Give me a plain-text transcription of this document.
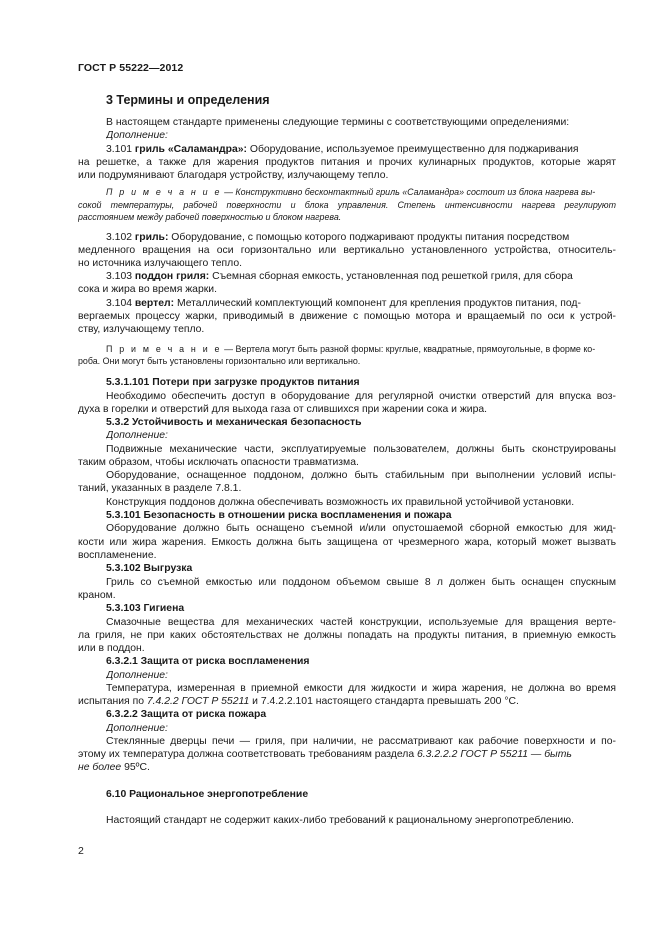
ГОСТ Р 55222—2012
3 Термины и определения
В настоящем стандарте применены следующие термины с соответствующими определениями:
Дополнение:
3.101 гриль «Саламандра»: Оборудование, используемое преимущественно для поджаривания
на решетке, а также для жарения продуктов питания и прочих кулинарных продуктов, которые жарят
или подрумянивают благодаря устройству, излучающему тепло.
П р и м е ч а н и е — Конструктивно бесконтактный гриль «Саламандра» состоит из блока нагрева вы-
сокой температуры, рабочей поверхности и блока управления. Степень интенсивности нагрева регулируют
расстоянием между рабочей поверхностью и блоком нагрева.
3.102 гриль: Оборудование, с помощью которого поджаривают продукты питания посредством
медленного вращения на оси горизонтально или вертикально установленного устройства, относитель-
но источника излучающего тепло.
3.103 поддон гриля: Съемная сборная емкость, установленная под решеткой гриля, для сбора
сока и жира во время жарки.
3.104 вертел: Металлический комплектующий компонент для крепления продуктов питания, под-
вергаемых процессу жарки, приводимый в движение с помощью мотора и вращаемый по оси к устрой-
ству, излучающему тепло.
П р и м е ч а н и е — Вертела могут быть разной формы: круглые, квадратные, прямоугольные, в форме ко-
роба. Они могут быть установлены горизонтально или вертикально.
5.3.1.101 Потери при загрузке продуктов питания
Необходимо обеспечить доступ в оборудование для регулярной очистки отверстий для впуска воз-
духа в горелки и отверстий для выхода газа от слившихся при жарении сока и жира.
5.3.2 Устойчивость и механическая безопасность
Дополнение:
Подвижные механические части, эксплуатируемые пользователем, должны быть сконструированы
таким образом, чтобы исключать опасности травматизма.
Оборудование, оснащенное поддоном, должно быть стабильным при выполнении условий испы-
таний, указанных в разделе 7.8.1.
Конструкция поддонов должна обеспечивать возможность их правильной устойчивой установки.
5.3.101 Безопасность в отношении риска воспламенения и пожара
Оборудование должно быть оснащено съемной и/или опустошаемой сборной емкостью для жид-
кости или жира жарения. Емкость должна быть защищена от чрезмерного жара, который может вызвать
воспламенение.
5.3.102 Выгрузка
Гриль со съемной емкостью или поддоном объемом свыше 8 л должен быть оснащен спускным
краном.
5.3.103 Гигиена
Смазочные вещества для механических частей конструкции, используемые для вращения верте-
ла гриля, не при каких обстоятельствах не должны попадать на продукты питания, в приемную емкость
или в поддон.
6.3.2.1 Защита от риска воспламенения
Дополнение:
Температура, измеренная в приемной емкости для жидкости и жира жарения, не должна во время
испытания по 7.4.2.2 ГОСТ Р 55211 и 7.4.2.2.101 настоящего стандарта превышать 200 °С.
6.3.2.2 Защита от риска пожара
Дополнение:
Стеклянные дверцы печи — гриля, при наличии, не рассматривают как рабочие поверхности и по-
этому их температура должна соответствовать требованиям раздела 6.3.2.2.2 ГОСТ Р 55211 — быть
не более 95ºС.
6.10 Рациональное энергопотребление
Настоящий стандарт не содержит каких-либо требований к рациональному энергопотреблению.
2
